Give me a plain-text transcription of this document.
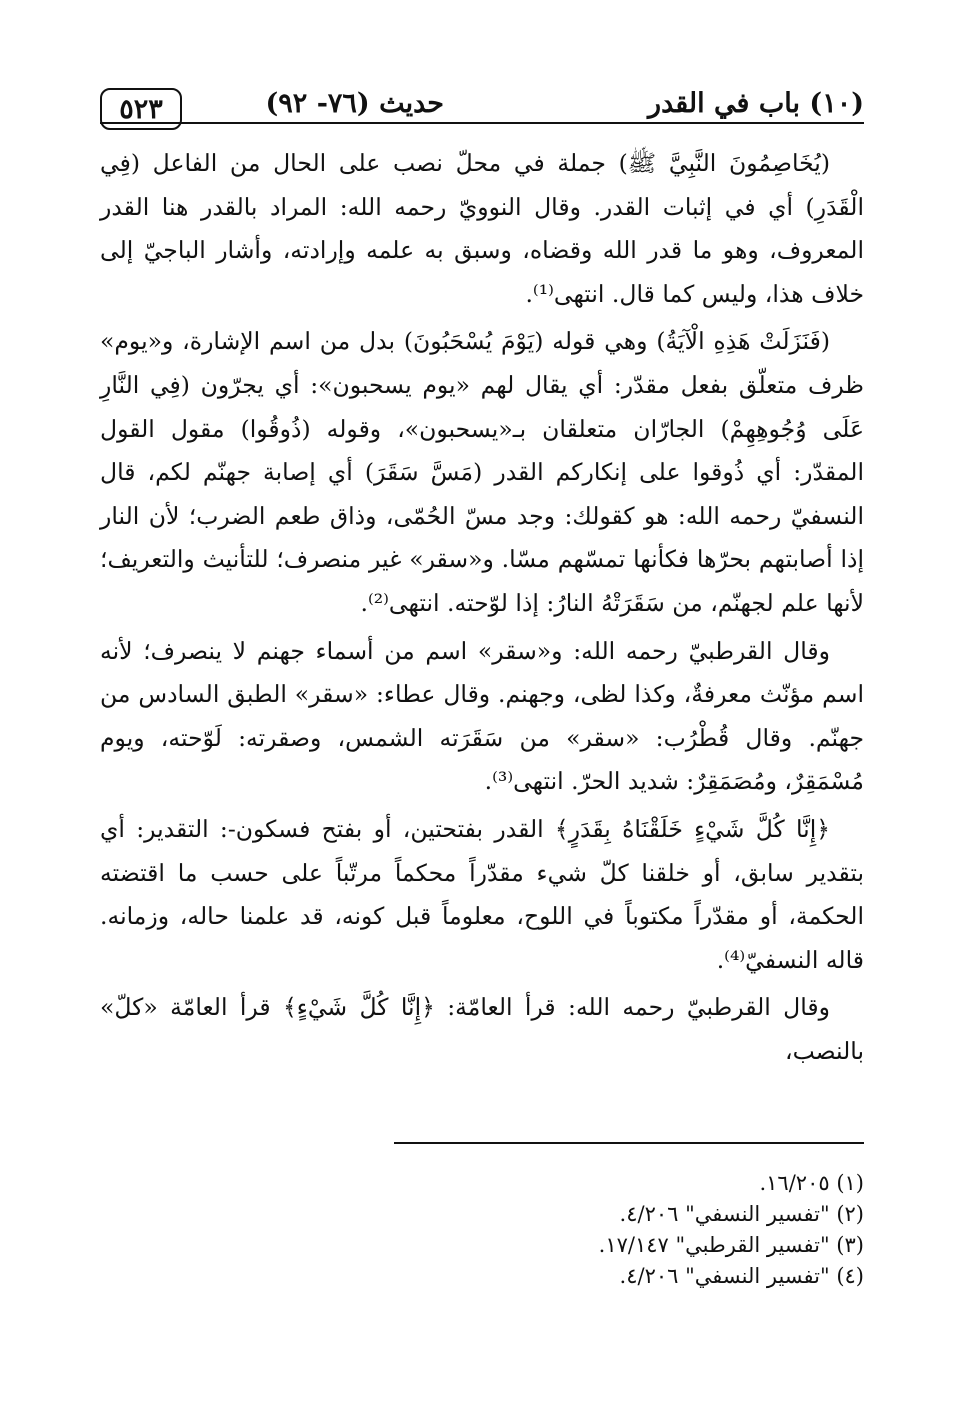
(١٠) باب في القدر
حديث (٧٦- ٩٢)
٥٢٣

(يُخَاصِمُونَ النَّبِيَّ ﷺ) جملة في محلّ نصب على الحال من الفاعل (فِي الْقَدَرِ) أي في إثبات القدر. وقال النوويّ رحمه الله: المراد بالقدر هنا القدر المعروف، وهو ما قدر الله وقضاه، وسبق به علمه وإرادته، وأشار الباجيّ إلى خلاف هذا، وليس كما قال. انتهى⁽¹⁾.

(فَنَزَلَتْ هَذِهِ الْآيَةُ) وهي قوله (يَوْمَ يُسْحَبُونَ) بدل من اسم الإشارة، و«يوم» ظرف متعلّق بفعل مقدّر: أي يقال لهم «يوم يسحبون»: أي يجرّون (فِي النَّارِ عَلَى وُجُوهِهِمْ) الجارّان متعلقان بـ«يسحبون»، وقوله (ذُوقُوا) مقول القول المقدّر: أي ذُوقوا على إنكاركم القدر (مَسَّ سَقَرَ) أي إصابة جهنّم لكم، قال النسفيّ رحمه الله: هو كقولك: وجد مسّ الحُمّى، وذاق طعم الضرب؛ لأن النار إذا أصابتهم بحرّها فكأنها تمسّهم مسّا. و«سقر» غير منصرف؛ للتأنيث والتعريف؛ لأنها علم لجهنّم، من سَقَرَتْهُ النارُ: إذا لوّحته. انتهى⁽²⁾.

وقال القرطبيّ رحمه الله: و«سقر» اسم من أسماء جهنم لا ينصرف؛ لأنه اسم مؤنّث معرفةٌ، وكذا لظى، وجهنم. وقال عطاء: «سقر» الطبق السادس من جهنّم. وقال قُطْرُب: «سقر» من سَقَرَته الشمس، وصقرته: لَوّحته، ويوم مُسْمَقِرٌ، ومُصَمَقِرٌ: شديد الحرّ. انتهى⁽³⁾.

﴿إِنَّا كُلَّ شَيْءٍ خَلَقْنَاهُ بِقَدَرٍ﴾ القدر بفتحتين، أو بفتح فسكون-: التقدير: أي بتقدير سابق، أو خلقنا كلّ شيء مقدّراً محكماً مرتّباً على حسب ما اقتضته الحكمة، أو مقدّراً مكتوباً في اللوح، معلوماً قبل كونه، قد علمنا حاله، وزمانه. قاله النسفيّ⁽⁴⁾.

وقال القرطبيّ رحمه الله: قرأ العامّة: ﴿إِنَّا كُلَّ شَيْءٍ﴾ قرأ العامّة «كلّ» بالنصب،

(١) ١٦/٢٠٥.

(٢) "تفسير النسفي" ٤/٢٠٦.

(٣) "تفسير القرطبي" ١٧/١٤٧.

(٤) "تفسير النسفي" ٤/٢٠٦.
